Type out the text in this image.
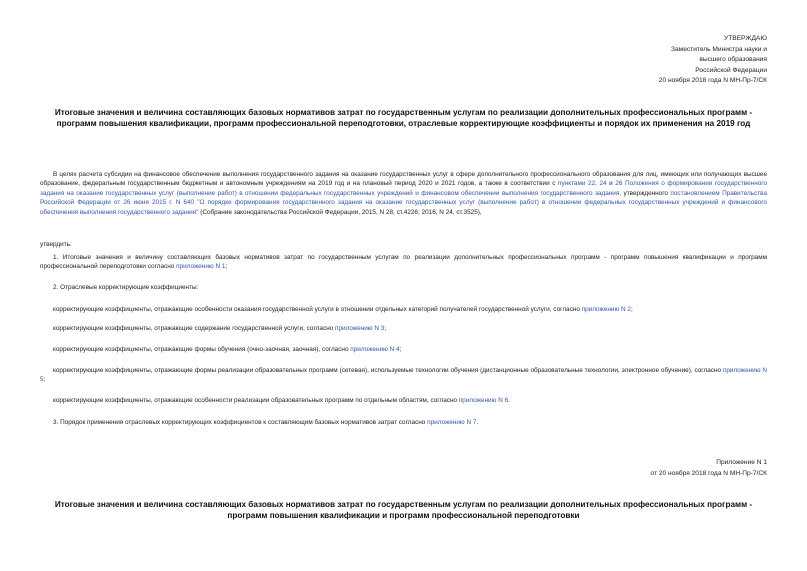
УТВЕРЖДАЮ
Заместитель Министра науки и
высшего образования
Российской Федерации
20 ноября 2018 года N МН-Пр-7/СК
Итоговые значения и величина составляющих базовых нормативов затрат по государственным услугам по реализации дополнительных профессиональных программ - программ повышения квалификации, программ профессиональной переподготовки, отраслевые корректирующие коэффициенты и порядок их применения на 2019 год
В целях расчета субсидии на финансовое обеспечение выполнения государственного задания на оказание государственных услуг в сфере дополнительного профессионального образования для лиц, имеющих или получающих высшее образование, федеральным государственным бюджетным и автономным учреждениям на 2019 год и на плановый период 2020 и 2021 годов, а также в соответствии с пунктами 22, 24 и 26 Положения о формировании государственного задания на оказание государственных услуг (выполнение работ) в отношении федеральных государственных учреждений и финансовом обеспечении выполнения государственного задания, утвержденного постановлением Правительства Российской Федерации от 26 июня 2015 г. N 640 "О порядке формирования государственного задания на оказание государственных услуг (выполнение работ) в отношении федеральных государственных учреждений и финансового обеспечения выполнения государственного задания" (Собрание законодательства Российской Федерации, 2015, N 28, ст.4226; 2016, N 24, ст.3525),
утвердить:
1. Итоговые значения и величину составляющих базовых нормативов затрат по государственным услугам по реализации дополнительных профессиональных программ - программ повышения квалификации и программ профессиональной переподготовки согласно приложению N 1;
2. Отраслевые корректирующие коэффициенты:
корректирующие коэффициенты, отражающие особенности оказания государственной услуги в отношении отдельных категорий получателей государственной услуги, согласно приложению N 2;
корректирующие коэффициенты, отражающие содержание государственной услуги, согласно приложению N 3;
корректирующие коэффициенты, отражающие формы обучения (очно-заочная, заочная), согласно приложению N 4;
корректирующие коэффициенты, отражающие формы реализации образовательных программ (сетевая), используемые технологии обучения (дистанционные образовательные технологии, электронное обучение), согласно приложению N 5;
корректирующие коэффициенты, отражающие особенности реализации образовательных программ по отдельным областям, согласно приложению N 6.
3. Порядок применения отраслевых корректирующих коэффициентов к составляющим базовых нормативов затрат согласно приложению N 7.
Приложение N 1
от 20 ноября 2018 года N МН-Пр-7/СК
Итоговые значения и величина составляющих базовых нормативов затрат по государственным услугам по реализации дополнительных профессиональных программ - программ повышения квалификации и программ профессиональной переподготовки
